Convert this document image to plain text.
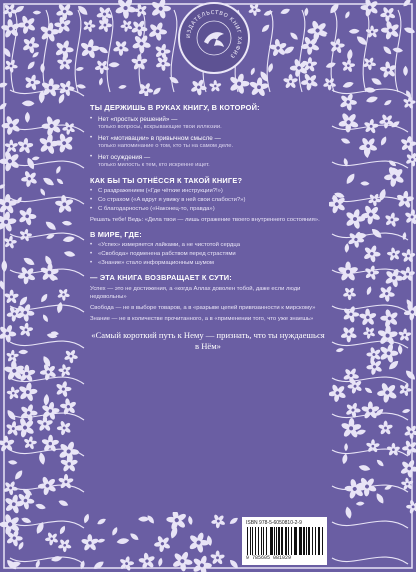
ИЗДАТЕЛЬСТВО КНИГ ХАФИЗ

ТЫ ДЕРЖИШЬ В РУКАХ КНИГУ, В КОТОРОЙ:

• Нет «простых решений» —
только вопросы, вскрывающие твои иллюзии.
• Нет «мотивации» в привычном смысле —
только напоминание о том, кто ты на самом деле.
• Нет осуждения —
только милость к тем, кто искренне ищет.

КАК БЫ ТЫ ОТНЁССЯ К ТАКОЙ КНИГЕ?

• С раздражением («Где чёткие инструкции?!»)
• Со страхом («А вдруг я увижу в ней свои слабости?»)
• С благодарностью («Наконец-то, правда»)
Решать тебе! Ведь: «Дела твои — лишь отражение твоего внутреннего состояния».

В МИРЕ, ГДЕ:

• «Успех» измеряется лайками, а не чистотой сердца
• «Свобода» подменена рабством перед страстями
• «Знание» стало информационным шумом

— ЭТА КНИГА ВОЗВРАЩАЕТ К СУТИ:

Успех — это не достижения, а «когда Аллах доволен тобой, даже если люди недовольны»
Свобода — не в выборе товаров, а в «разрыве цепей привязанности к мирскому»
Знание — не в количестве прочитанного, а в «применении того, что уже знаешь»
«Самый короткий путь к Нему — признать, что ты нуждаешься в Нём»
ISBN 978-5-6050810-2-9
9 785605 081029
